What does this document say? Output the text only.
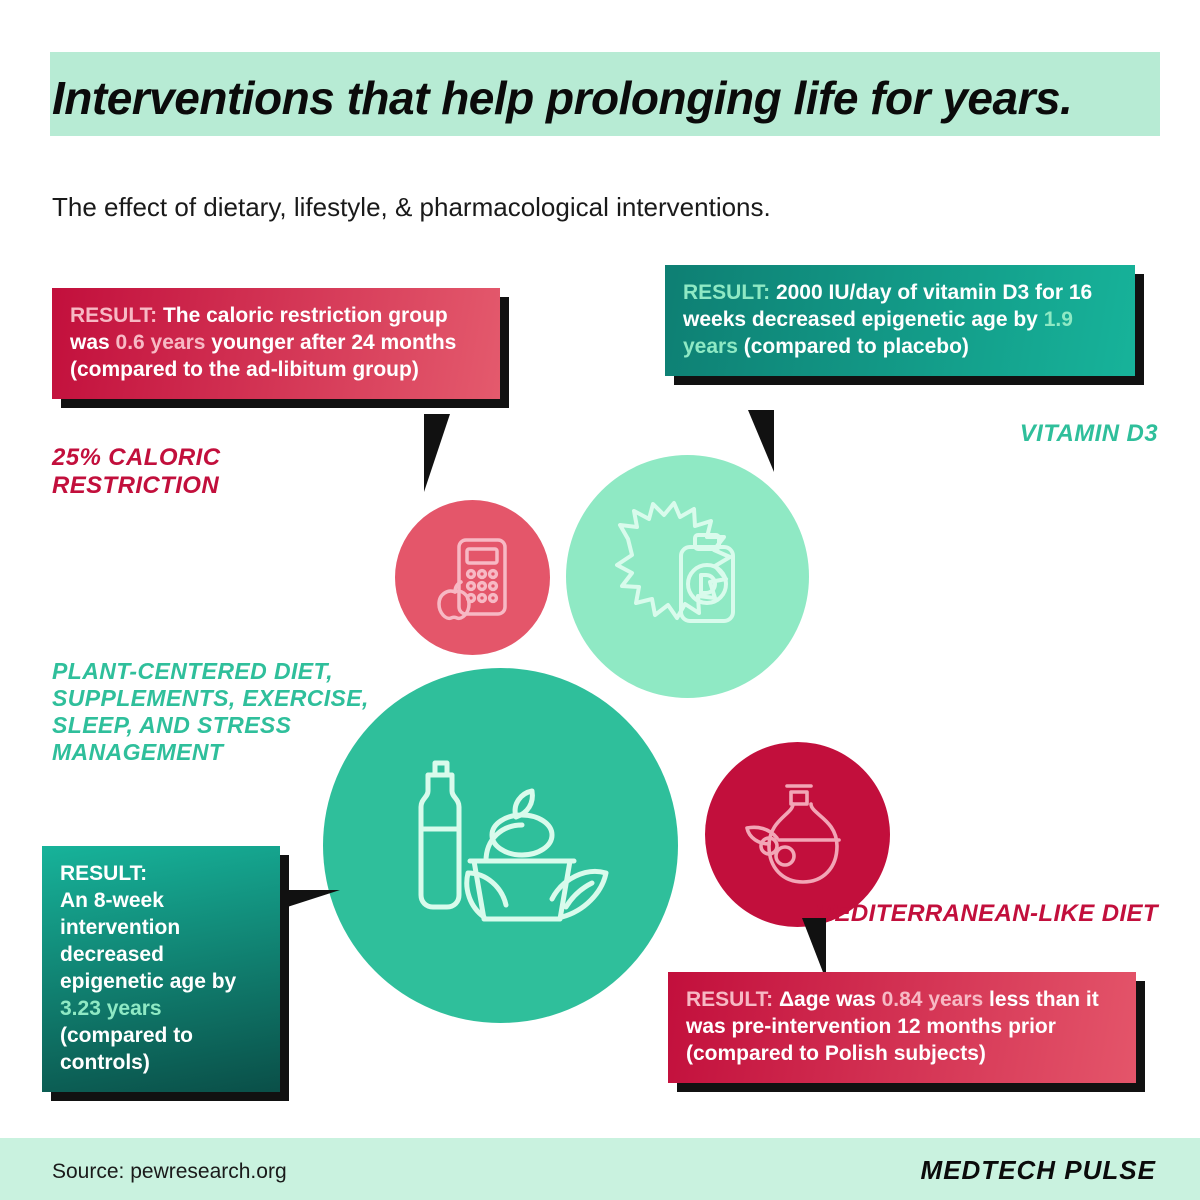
Interventions that help prolonging life for years.
The effect of dietary, lifestyle, & pharmacological interventions.
RESULT: The caloric restriction group was 0.6 years younger after 24 months (compared to the ad-libitum group)
RESULT: 2000 IU/day of vitamin D3 for 16 weeks decreased epigenetic age by 1.9 years (compared to placebo)
RESULT:
An 8-week intervention decreased epigenetic age by 3.23 years (compared to controls)
RESULT: Δage was 0.84 years less than it was pre-intervention 12 months prior (compared to Polish subjects)
25% CALORIC RESTRICTION
VITAMIN D3
PLANT-CENTERED DIET, SUPPLEMENTS, EXERCISE, SLEEP, AND STRESS MANAGEMENT
MEDITERRANEAN-LIKE DIET
Source: pewresearch.org	MEDTECH PULSE
